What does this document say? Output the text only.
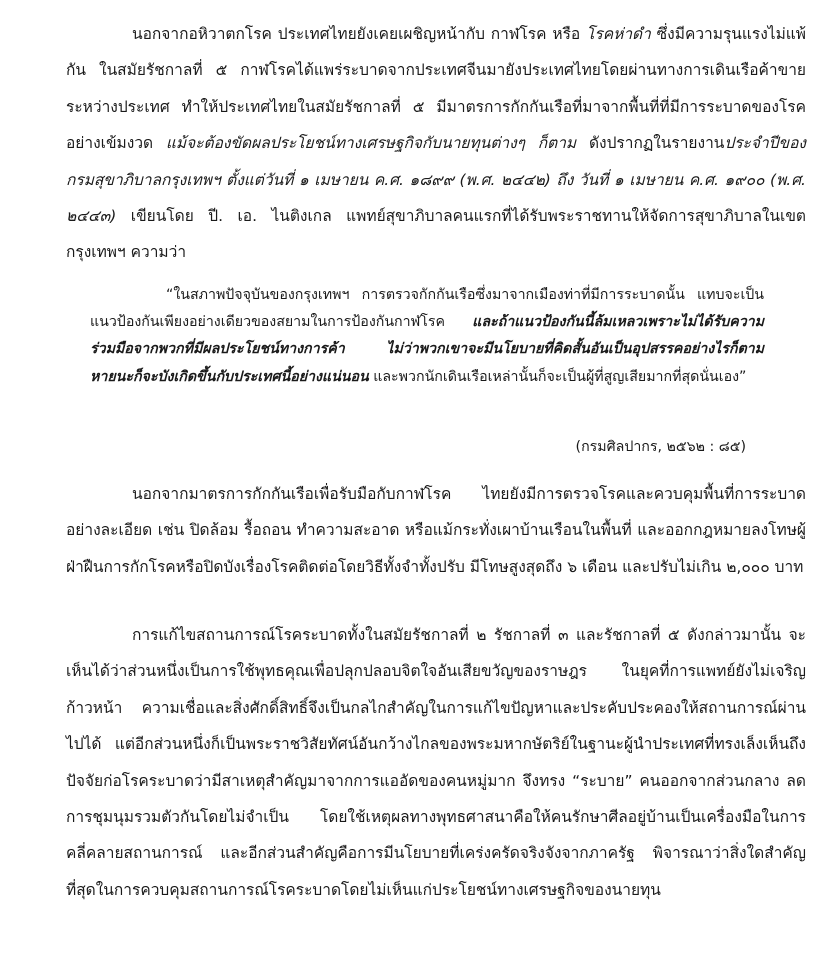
นอกจากอหิวาตกโรค ประเทศไทยยังเคยเผชิญหน้ากับ กาฬโรค หรือ โรคห่าดำ ซึ่งมีความรุนแรงไม่แพ้กัน ในสมัยรัชกาลที่ ๕ กาฬโรคได้แพร่ระบาดจากประเทศจีนมายังประเทศไทยโดยผ่านทางการเดินเรือค้าขายระหว่างประเทศ ทำให้ประเทศไทยในสมัยรัชกาลที่ ๕ มีมาตรการกักกันเรือที่มาจากพื้นที่ที่มีการระบาดของโรคอย่างเข้มงวด แม้จะต้องขัดผลประโยชน์ทางเศรษฐกิจกับนายทุนต่างๆ ก็ตาม ดังปรากฏในรายงานประจำปีของกรมสุขาภิบาลกรุงเทพฯ ตั้งแต่วันที่ ๑ เมษายน ค.ศ. ๑๘๙๙ (พ.ศ. ๒๔๔๒) ถึง วันที่ ๑ เมษายน ค.ศ. ๑๙๐๐ (พ.ศ. ๒๔๔๓) เขียนโดย ปี. เอ. ไนติงเกล แพทย์สุขาภิบาลคนแรกที่ได้รับพระราชทานให้จัดการสุขาภิบาลในเขตกรุงเทพฯ ความว่า

“ในสภาพปัจจุบันของกรุงเทพฯ การตรวจกักกันเรือซึ่งมาจากเมืองท่าที่มีการระบาดนั้น แทบจะเป็นแนวป้องกันเพียงอย่างเดียวของสยามในการป้องกันกาฬโรค และถ้าแนวป้องกันนี้ล้มเหลวเพราะไม่ได้รับความร่วมมือจากพวกที่มีผลประโยชน์ทางการค้า ไม่ว่าพวกเขาจะมีนโยบายที่คิดสั้นอันเป็นอุปสรรคอย่างไรก็ตาม หายนะก็จะบังเกิดขึ้นกับประเทศนี้อย่างแน่นอน และพวกนักเดินเรือเหล่านั้นก็จะเป็นผู้ที่สูญเสียมากที่สุดนั่นเอง”

(กรมศิลปากร, ๒๕๖๒ : ๘๕)

นอกจากมาตรการกักกันเรือเพื่อรับมือกับกาฬโรค ไทยยังมีการตรวจโรคและควบคุมพื้นที่การระบาดอย่างละเอียด เช่น ปิดล้อม รื้อถอน ทำความสะอาด หรือแม้กระทั่งเผาบ้านเรือนในพื้นที่ และออกกฎหมายลงโทษผู้ฝ่าฝืนการกักโรคหรือปิดบังเรื่องโรคติดต่อโดยวิธีทั้งจำทั้งปรับ มีโทษสูงสุดถึง ๖ เดือน และปรับไม่เกิน ๒,๐๐๐ บาท

การแก้ไขสถานการณ์โรคระบาดทั้งในสมัยรัชกาลที่ ๒ รัชกาลที่ ๓ และรัชกาลที่ ๕ ดังกล่าวมานั้น จะเห็นได้ว่าส่วนหนึ่งเป็นการใช้พุทธคุณเพื่อปลุกปลอบจิตใจอันเสียขวัญของราษฎร ในยุคที่การแพทย์ยังไม่เจริญก้าวหน้า ความเชื่อและสิ่งศักดิ์สิทธิ์จึงเป็นกลไกสำคัญในการแก้ไขปัญหาและประคับประคองให้สถานการณ์ผ่านไปได้ แต่อีกส่วนหนึ่งก็เป็นพระราชวิสัยทัศน์อันกว้างไกลของพระมหากษัตริย์ในฐานะผู้นำประเทศที่ทรงเล็งเห็นถึงปัจจัยก่อโรคระบาดว่ามีสาเหตุสำคัญมาจากการแออัดของคนหมู่มาก จึงทรง “ระบาย” คนออกจากส่วนกลาง ลดการชุมนุมรวมตัวกันโดยไม่จำเป็น โดยใช้เหตุผลทางพุทธศาสนาคือให้คนรักษาศีลอยู่บ้านเป็นเครื่องมือในการคลี่คลายสถานการณ์ และอีกส่วนสำคัญคือการมีนโยบายที่เคร่งครัดจริงจังจากภาครัฐ พิจารณาว่าสิ่งใดสำคัญที่สุดในการควบคุมสถานการณ์โรคระบาดโดยไม่เห็นแก่ประโยชน์ทางเศรษฐกิจของนายทุน
